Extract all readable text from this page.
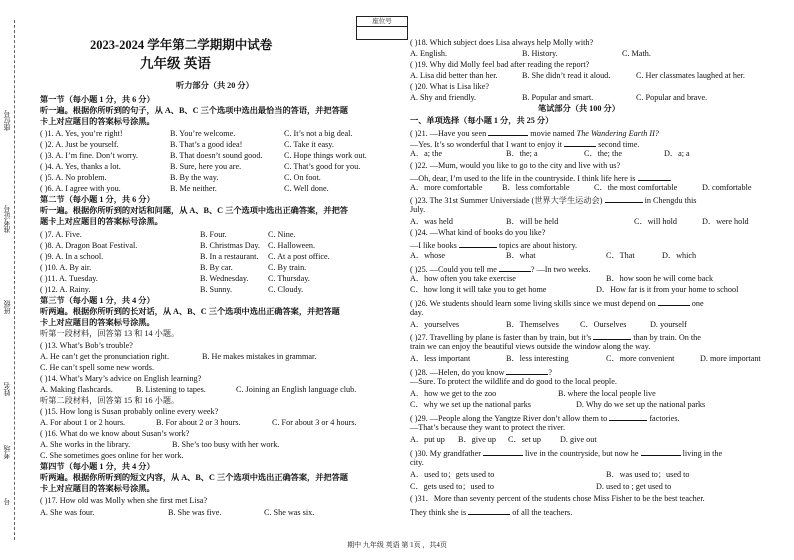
座位号
准考证号
班级
姓名
考场
号
座位号
2023-2024 学年第二学期期中试卷
九年级 英语
听力部分（共 20 分）
第一节（每小题 1 分，共 6 分）
听一遍。根据你所听到的句子，从 A、B、C 三个选项中选出最恰当的答语，并把答题
卡上对应题目的答案标号涂黑。
( )1. A. Yes, you’re right!	B. You’re welcome.	C. It’s not a big deal.
( )2. A. Just be yourself.	B. That’s a good idea!	C. Take it easy.
( )3. A. I’m fine. Don’t worry.	B. That doesn’t sound good.	C. Hope things work out.
( )4. A. Yes, thanks a lot.	B. Sure, here you are.	C. That’s good for you.
( )5. A. No problem.	B. By the way.	C. On foot.
( )6. A. I agree with you.	B. Me neither.	C. Well done.
第二节（每小题 1 分，共 6 分）
听一遍。根据你所听到的对话和问题，从 A、B、C 三个选项中选出正确答案，并把答
题卡上对应题目的答案标号涂黑。
( )7. A. Five.	B. Four.	C. Nine.
( )8. A. Dragon Boat Festival.	B. Christmas Day. C. Halloween.
( )9. A. In a school.	B. In a restaurant. C. At a post office.
( )10. A. By air.	B. By car.	C. By train.
( )11. A. Tuesday.	B. Wednesday. C. Thursday.
( )12. A. Rainy.	B. Sunny.	C. Cloudy.
第三节（每小题 1 分，共 4 分）
听两遍。根据你所听到的长对话，从 A、B、C 三个选项中选出正确答案，并把答题
卡上对应题目的答案标号涂黑。
听第一段材料，回答第 13 和 14 小题。
( )13. What’s Bob’s trouble?
A. He can’t get the pronunciation right.	B. He makes mistakes in grammar.
C. He can’t spell some new words.
( )14. What’s Mary’s advice on English learning?
A. Making flashcards.	B. Listening to tapes.	C. Joining an English language club.
听第二段材料，回答第 15 和 16 小题。
( )15. How long is Susan probably online every week?
A. For about 1 or 2 hours.	B. For about 2 or 3 hours.	C. For about 3 or 4 hours.
( )16. What do we know about Susan’s work?
A. She works in the library.	B. She’s too busy with her work.
C. She sometimes goes online for her work.
第四节（每小题 1 分，共 4 分）
听两遍。根据你所听到的短文内容，从 A、B、C 三个选项中选出正确答案，并把答题
卡上对应题目的答案标号涂黑。
( )17. How old was Molly when she first met Lisa?
A. She was four.	B. She was five.	C. She was six.
( )18. Which subject does Lisa always help Molly with?
A. English.	B. History.	C. Math.
( )19. Why did Molly feel bad after reading the report?
A. Lisa did better than her.	B. She didn’t read it aloud.	C. Her classmates laughed at her.
( )20. What is Lisa like?
A. Shy and friendly.	B. Popular and smart.	C. Popular and brave.
笔试部分（共 100 分）
一、单项选择（每小题 1 分，共 25 分）
( )21. —Have you seen	movie named The Wandering Earth II?
—Yes. It’s so wonderful that I want to enjoy it	second time.
A．a; the	B．the; a	C．the; the	D．a; a
( )22. —Mum, would you like to go to the city and live with us?
—Oh, dear, I’m used to the life in the countryside. I think life here is	.
A．more comfortable B．less comfortable	C．the most comfortable	D. comfortable
( )23. The 31st Summer Universiade (世界大学生运动会)	in Chengdu this
July.
A．was held	B．will be held	C．will hold	D．were hold
( )24. —What kind of books do you like?
—I like books	topics are about history.
A．whose	B．what	C．That	D．which
( )25. —Could you tell me	? —In two weeks.
A．how often you take exercise	B．how soon he will come back
C．how long it will take you to get home	D．How far is it from your home to school
( )26. We students should learn some living skills since we must depend on	one
day.
A．yourselves	B．Themselves	C．Ourselves	D. yourself
( )27. Travelling by plane is faster than by train, but it’s	than by train. On the
train we can enjoy the beautiful views outside the window along the way.
A．less important	B．less interesting	C．more convenient	D. more important
( )28. —Helen, do you know	?
—Sure. To protect the wildlife and do good to the local people.
A．how we get to the zoo	B. where the local people live
C．why we set up the national parks	D. Why do we set up the national parks
( )29. —People along the Yangtze River don’t allow them to	factories.
—That’s because they want to protect the river.
A．put up B．give up C．set up D. give out
( )30. My grandfather	live in the countryside, but now he	living in the
city.
A．used to；gets used to	B．was used to；used to
C．gets used to；used to	D. used to ; get used to
( )31．More than seventy percent of the students chose Miss Fisher to be the best teacher.
They think she is	of all the teachers.
期中 九年级 英语 第 1页 ，共4页
